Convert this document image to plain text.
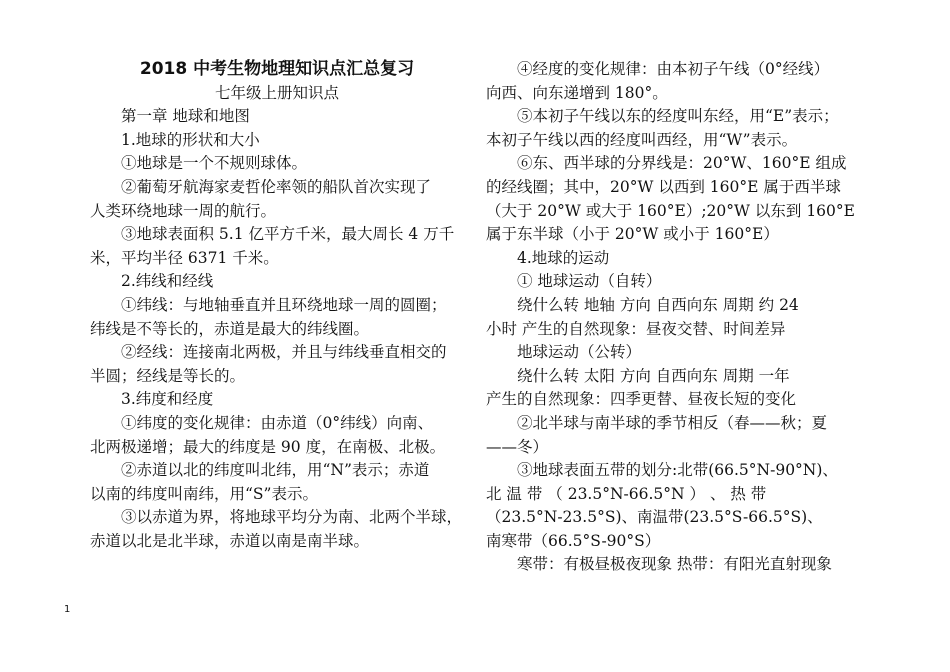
2018 中考生物地理知识点汇总复习
七年级上册知识点
第一章 地球和地图
1.地球的形状和大小
①地球是一个不规则球体。
②葡萄牙航海家麦哲伦率领的船队首次实现了
人类环绕地球一周的航行。
③地球表面积 5.1 亿平方千米，最大周长 4 万千
米，平均半径 6371 千米。
2.纬线和经线
①纬线：与地轴垂直并且环绕地球一周的圆圈；
纬线是不等长的，赤道是最大的纬线圈。
②经线：连接南北两极，并且与纬线垂直相交的
半圆；经线是等长的。
3.纬度和经度
①纬度的变化规律：由赤道（0°纬线）向南、
北两极递增；最大的纬度是 90 度，在南极、北极。
②赤道以北的纬度叫北纬，用“N”表示；赤道
以南的纬度叫南纬，用“S”表示。
③以赤道为界，将地球平均分为南、北两个半球，
赤道以北是北半球，赤道以南是南半球。
④经度的变化规律：由本初子午线（0°经线）
向西、向东递增到 180°。
⑤本初子午线以东的经度叫东经，用“E”表示；
本初子午线以西的经度叫西经，用“W”表示。
⑥东、西半球的分界线是：20°W、160°E 组成
的经线圈；其中，20°W 以西到 160°E 属于西半球
（大于 20°W 或大于 160°E）;20°W 以东到 160°E
属于东半球（小于 20°W 或小于 160°E）
4.地球的运动
① 地球运动（自转）
绕什么转 地轴 方向 自西向东 周期 约 24
小时 产生的自然现象：昼夜交替、时间差异
地球运动（公转）
绕什么转 太阳 方向 自西向东 周期 一年
产生的自然现象：四季更替、昼夜长短的变化
②北半球与南半球的季节相反（春——秋；夏
——冬）
③地球表面五带的划分:北带(66.5°N-90°N)、
北 温 带 （ 23.5°N-66.5°N ） 、 热 带
（23.5°N-23.5°S)、南温带(23.5°S-66.5°S)、
南寒带（66.5°S-90°S）
寒带：有极昼极夜现象 热带：有阳光直射现象
1
